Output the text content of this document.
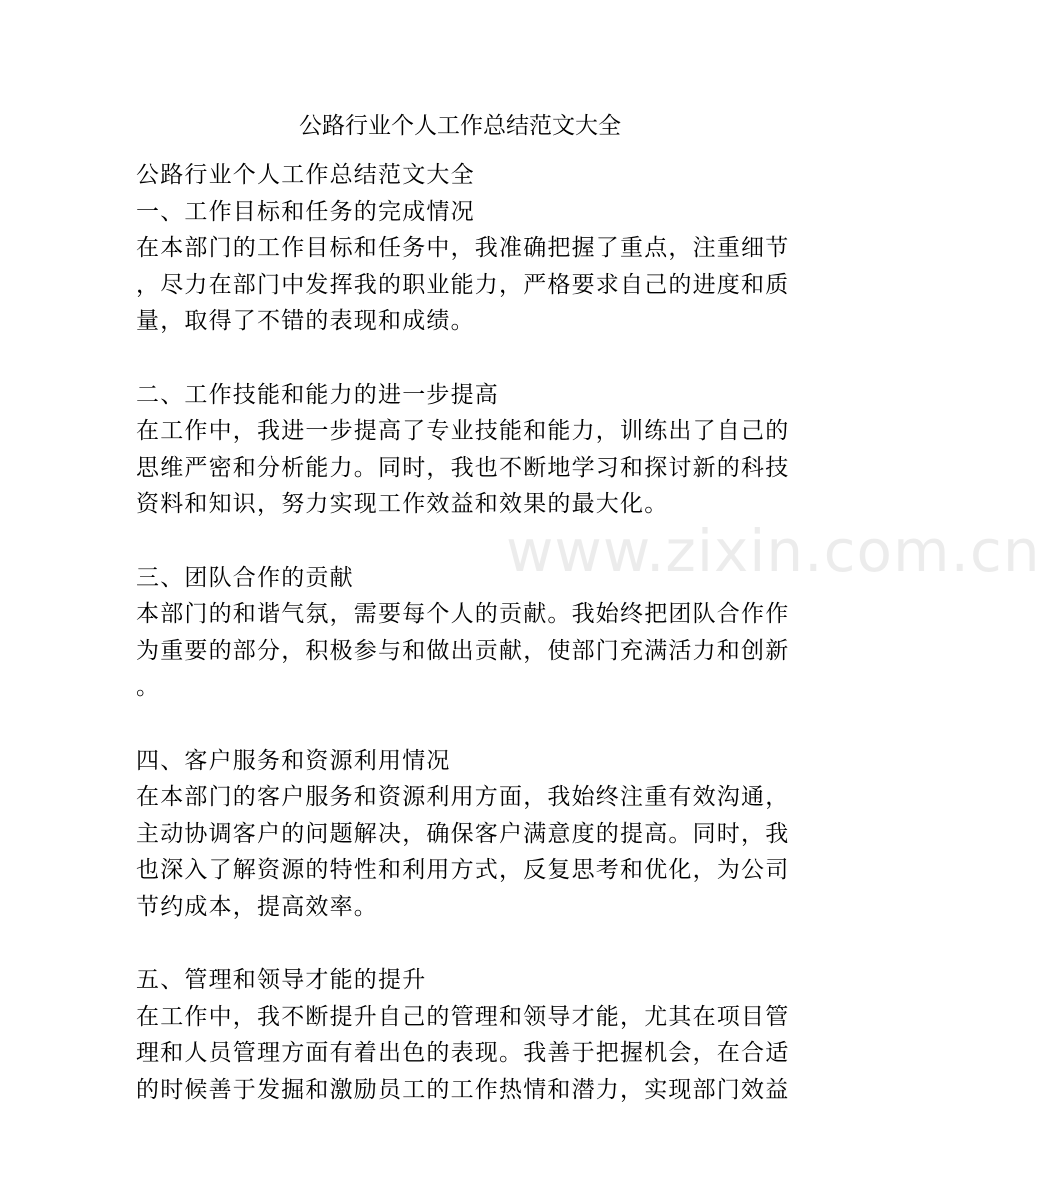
www.zixin.com.cn
公路行业个人工作总结范文大全
公路行业个人工作总结范文大全
一、工作目标和任务的完成情况
在本部门的工作目标和任务中，我准确把握了重点，注重细节
，尽力在部门中发挥我的职业能力，严格要求自己的进度和质
量，取得了不错的表现和成绩。
二、工作技能和能力的进一步提高
在工作中，我进一步提高了专业技能和能力，训练出了自己的
思维严密和分析能力。同时，我也不断地学习和探讨新的科技
资料和知识，努力实现工作效益和效果的最大化。
三、团队合作的贡献
本部门的和谐气氛，需要每个人的贡献。我始终把团队合作作
为重要的部分，积极参与和做出贡献，使部门充满活力和创新
。
四、客户服务和资源利用情况
在本部门的客户服务和资源利用方面，我始终注重有效沟通，
主动协调客户的问题解决，确保客户满意度的提高。同时，我
也深入了解资源的特性和利用方式，反复思考和优化，为公司
节约成本，提高效率。
五、管理和领导才能的提升
在工作中，我不断提升自己的管理和领导才能，尤其在项目管
理和人员管理方面有着出色的表现。我善于把握机会，在合适
的时候善于发掘和激励员工的工作热情和潜力，实现部门效益
